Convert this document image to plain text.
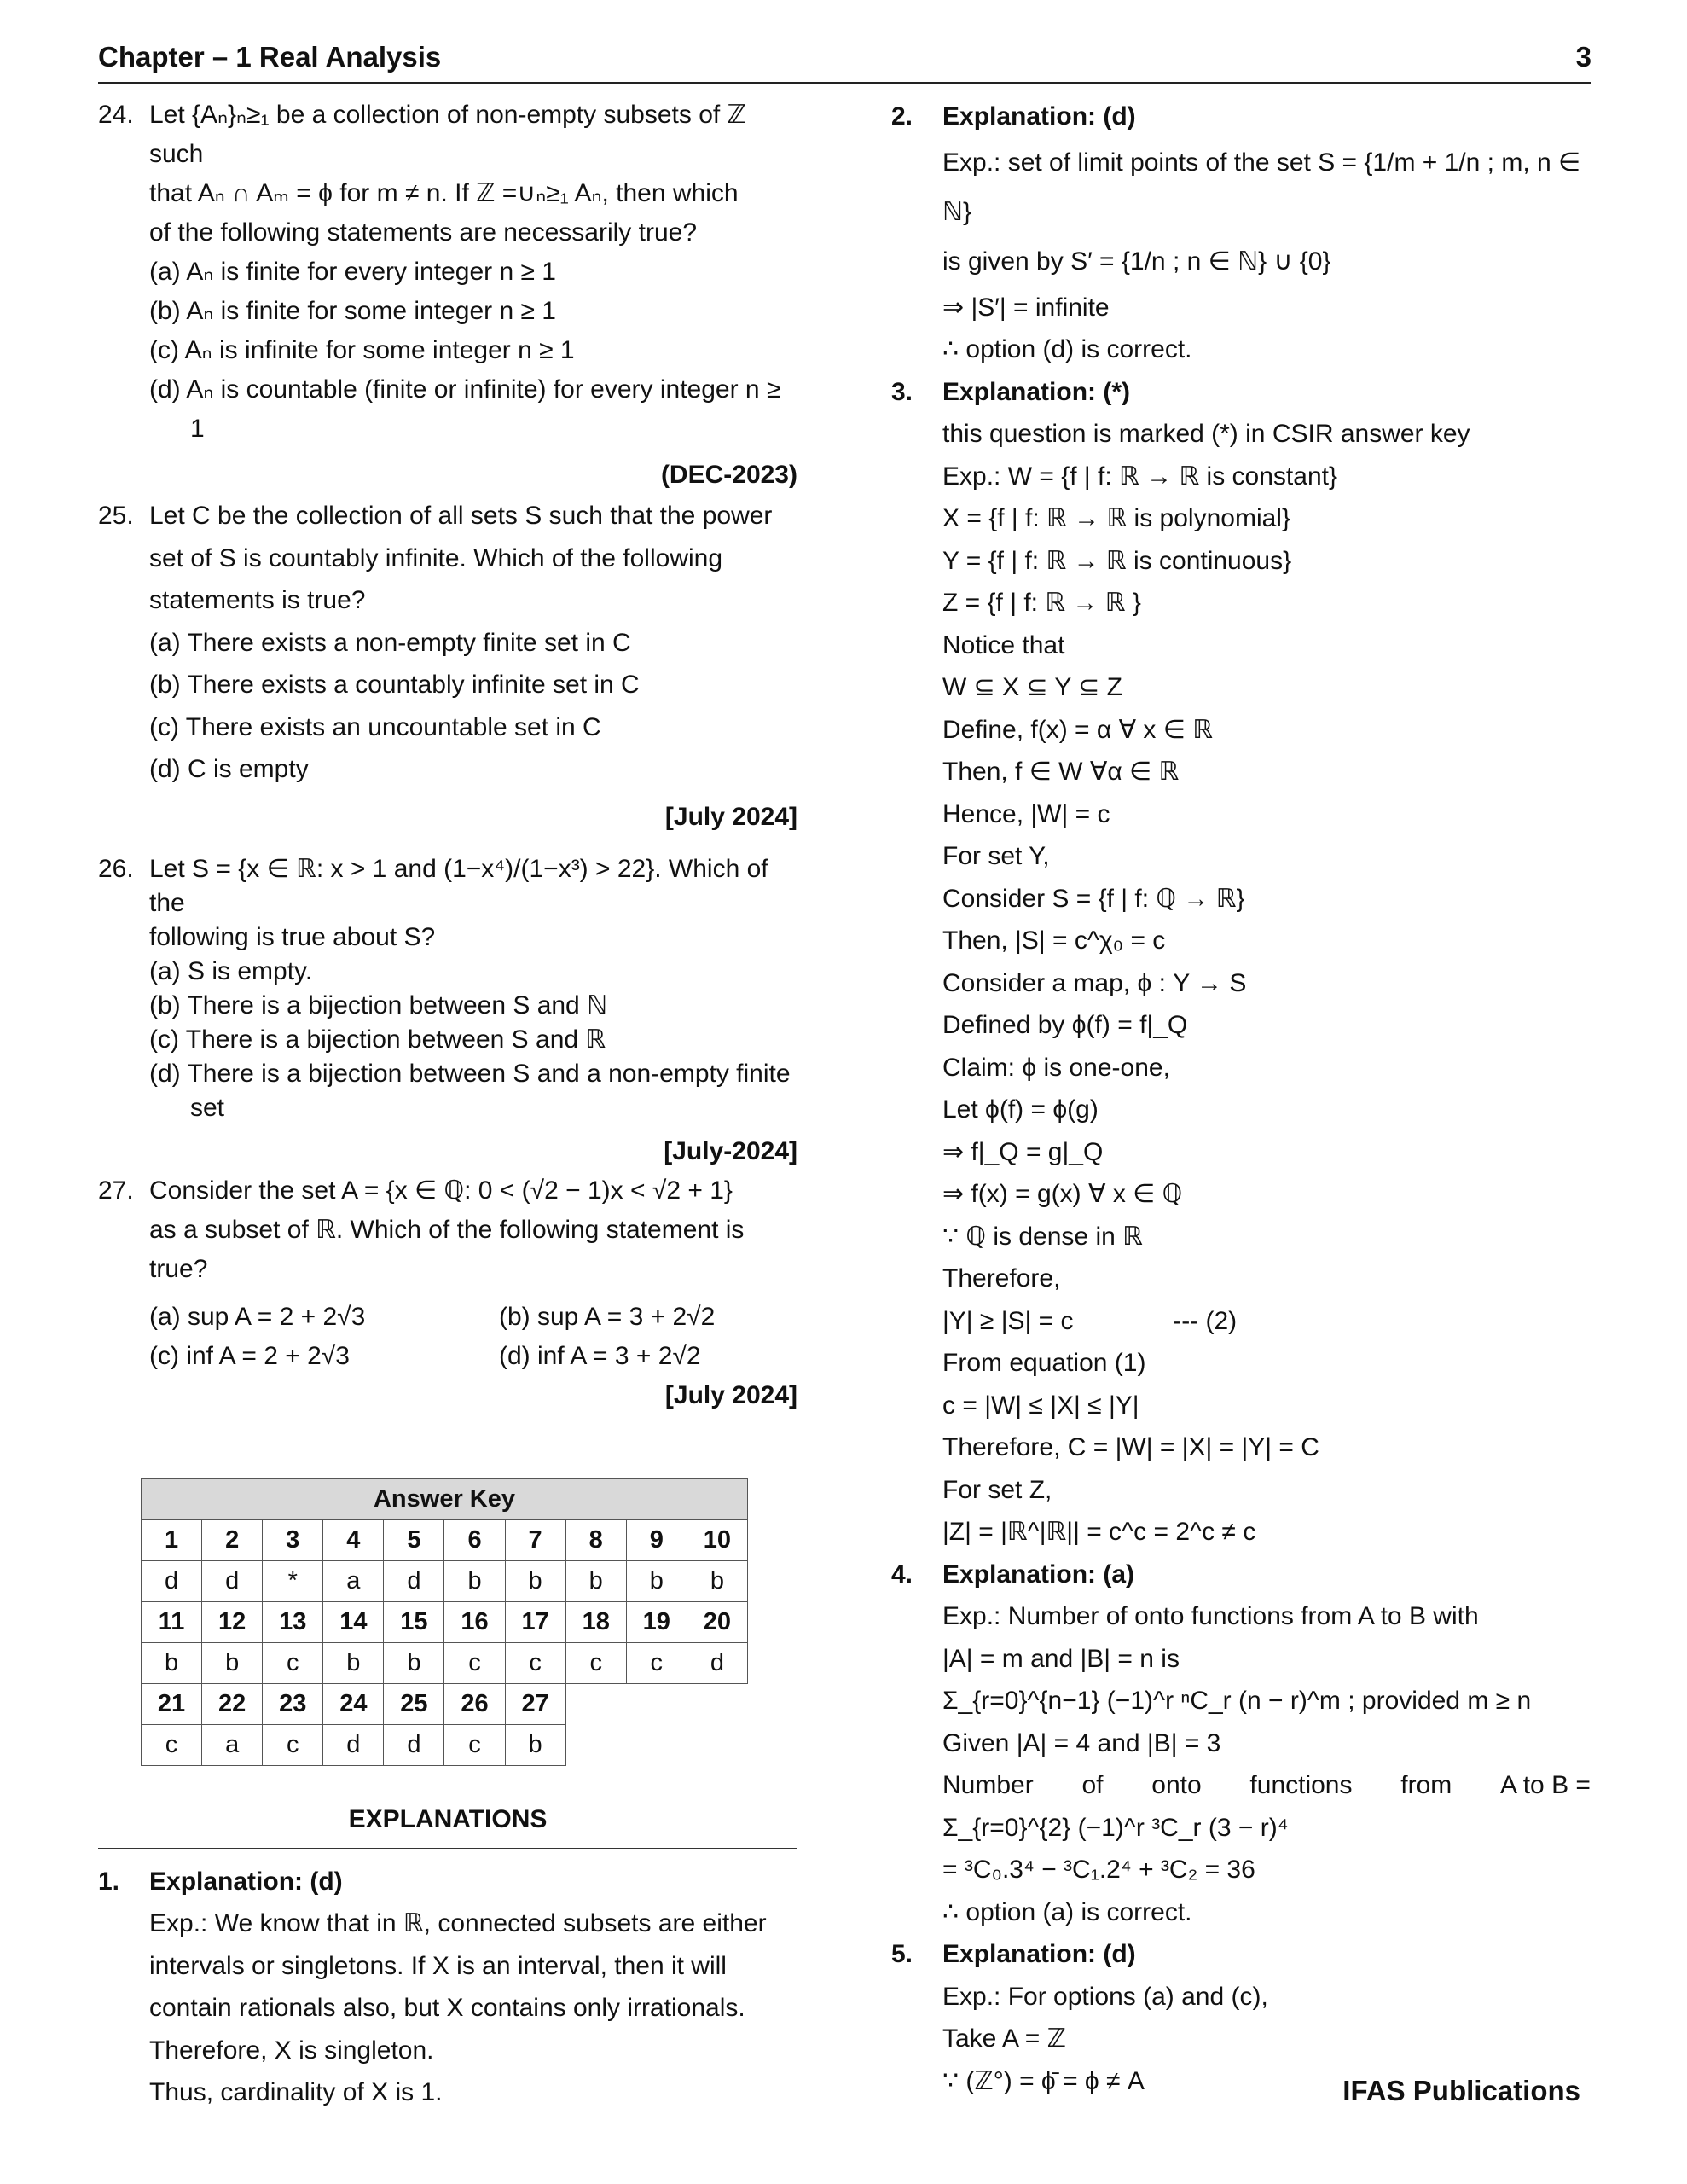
Chapter – 1 Real Analysis	3
24. Let {Aₙ}ₙ≥₁ be a collection of non-empty subsets of ℤ such
that Aₙ ∩ Aₘ = ϕ for m ≠ n. If ℤ =∪ₙ≥₁ Aₙ, then which
of the following statements are necessarily true?
(a) Aₙ is finite for every integer n ≥ 1
(b) Aₙ is finite for some integer n ≥ 1
(c) Aₙ is infinite for some integer n ≥ 1
(d) Aₙ is countable (finite or infinite) for every integer n ≥
1
(DEC-2023)
25. Let C be the collection of all sets S such that the power
set of S is countably infinite. Which of the following
statements is true?
(a) There exists a non-empty finite set in C
(b) There exists a countably infinite set in C
(c) There exists an uncountable set in C
(d) C is empty
[July 2024]
26. Let S = {x ∈ ℝ: x > 1 and (1−x⁴)/(1−x³) > 22}. Which of the
following is true about S?
(a) S is empty.
(b) There is a bijection between S and ℕ
(c) There is a bijection between S and ℝ
(d) There is a bijection between S and a non-empty finite
set
[July-2024]
27. Consider the set A = {x ∈ ℚ: 0 < (√2 − 1)x < √2 + 1}
as a subset of ℝ. Which of the following statement is
true?
(a) sup A = 2 + 2√3	(b) sup A = 3 + 2√2
(c) inf A = 2 + 2√3	(d) inf A = 3 + 2√2
[July 2024]
Answer Key									
1	2	3	4	5	6	7	8	9	10
d	d	*	a	d	b	b	b	b	b
11	12	13	14	15	16	17	18	19	20
b	b	c	b	b	c	c	c	c	d
21	22	23	24	25	26	27			
c	a	c	d	d	c	b			
EXPLANATIONS
1. Explanation: (d)
Exp.: We know that in ℝ, connected subsets are either
intervals or singletons. If X is an interval, then it will
contain rationals also, but X contains only irrationals.
Therefore, X is singleton.
Thus, cardinality of X is 1.
2. Explanation: (d)
Exp.: set of limit points of the set S = {1/m + 1/n ; m, n ∈ ℕ}
is given by S′ = {1/n ; n ∈ ℕ} ∪ {0}
⇒ |S′| = infinite
∴ option (d) is correct.
3. Explanation: (*)
this question is marked (*) in CSIR answer key
Exp.: W = {f | f: ℝ → ℝ is constant}
X = {f | f: ℝ → ℝ is polynomial}
Y = {f | f: ℝ → ℝ is continuous}
Z = {f | f: ℝ → ℝ }
Notice that
W ⊆ X ⊆ Y ⊆ Z
Define, f(x) = α ∀ x ∈ ℝ
Then, f ∈ W ∀α ∈ ℝ
Hence, |W| = c
For set Y,
Consider S = {f | f: ℚ → ℝ}
Then, |S| = c^χ₀ = c
Consider a map, ϕ : Y → S
Defined by ϕ(f) = f|_Q
Claim: ϕ is one-one,
Let ϕ(f) = ϕ(g)
⇒ f|_Q = g|_Q
⇒ f(x) = g(x) ∀ x ∈ ℚ
∵ ℚ is dense in ℝ
Therefore,
|Y| ≥ |S| = c              --- (2)
From equation (1)
c = |W| ≤ |X| ≤ |Y|
Therefore, C = |W| = |X| = |Y| = C
For set Z,
|Z| = |ℝ^|ℝ|| = c^c = 2^c ≠ c
4. Explanation: (a)
Exp.: Number of onto functions from A to B with
|A| = m and |B| = n is
Σ_{r=0}^{n−1} (−1)^r ⁿC_r (n − r)^m ; provided m ≥ n
Given |A| = 4 and |B| = 3
Number of onto functions from A to B =
Σ_{r=0}^{2} (−1)^r ³C_r (3 − r)⁴
= ³C₀.3⁴ − ³C₁.2⁴ + ³C₂ = 36
∴ option (a) is correct.
5. Explanation: (d)
Exp.: For options (a) and (c),
Take A = ℤ
∵ (ℤ°) = ϕ̄ = ϕ ≠ A	IFAS Publications
